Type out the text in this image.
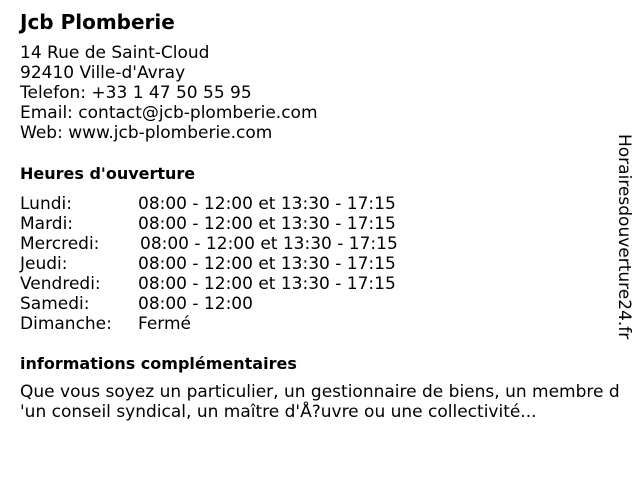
Jcb Plomberie
14 Rue de Saint-Cloud
92410 Ville-d'Avray
Telefon: +33 1 47 50 55 95
Email: contact@jcb-plomberie.com
Web: www.jcb-plomberie.com
Heures d'ouverture
Lundi:	08:00 - 12:00 et 13:30 - 17:15
Mardi:	08:00 - 12:00 et 13:30 - 17:15
Mercredi: 08:00 - 12:00 et 13:30 - 17:15
Jeudi:	08:00 - 12:00 et 13:30 - 17:15
Vendredi: 08:00 - 12:00 et 13:30 - 17:15
Samedi:	08:00 - 12:00
Dimanche: Fermé
informations complémentaires
Que vous soyez un particulier, un gestionnaire de biens, un membre d
'un conseil syndical, un maître d'Å?uvre ou une collectivité...
Horairesdouverture24.fr
